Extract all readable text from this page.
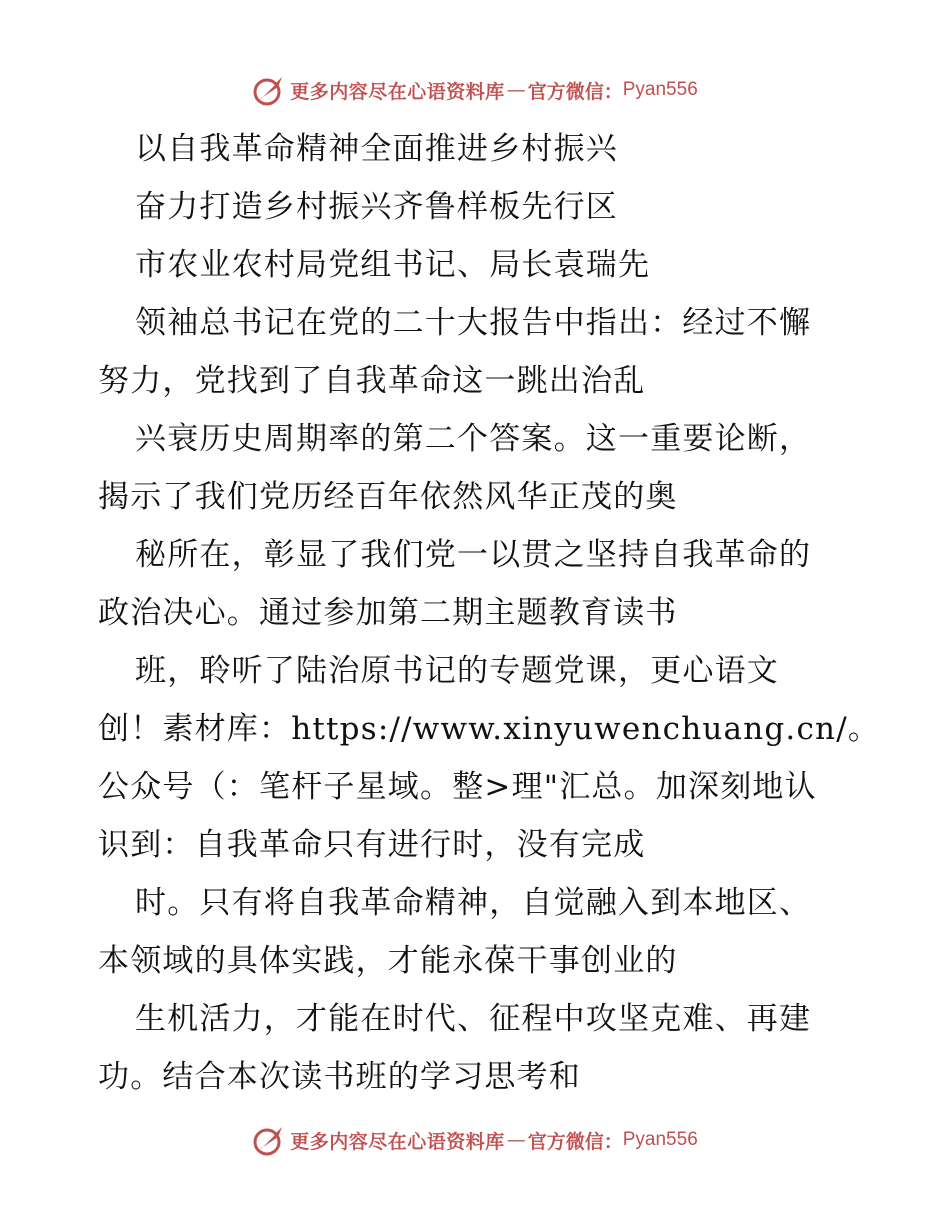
更多内容尽在心语资料库 — 官方微信： Pyan556
以自我革命精神全面推进乡村振兴
奋力打造乡村振兴齐鲁样板先行区
市农业农村局党组书记、局长袁瑞先
领袖总书记在党的二十大报告中指出：经过不懈
努力，党找到了自我革命这一跳出治乱
兴衰历史周期率的第二个答案。这一重要论断，
揭示了我们党历经百年依然风华正茂的奥
秘所在，彰显了我们党一以贯之坚持自我革命的
政治决心。通过参加第二期主题教育读书
班，聆听了陆治原书记的专题党课，更心语文
创！素材库：https://www.xinyuwenchuang.cn/。
公众号（：笔杆子星域。整>理"汇总。加深刻地认
识到：自我革命只有进行时，没有完成
时。只有将自我革命精神，自觉融入到本地区、
本领域的具体实践，才能永葆干事创业的
生机活力，才能在时代、征程中攻坚克难、再建
功。结合本次读书班的学习思考和
更多内容尽在心语资料库 — 官方微信： Pyan556
